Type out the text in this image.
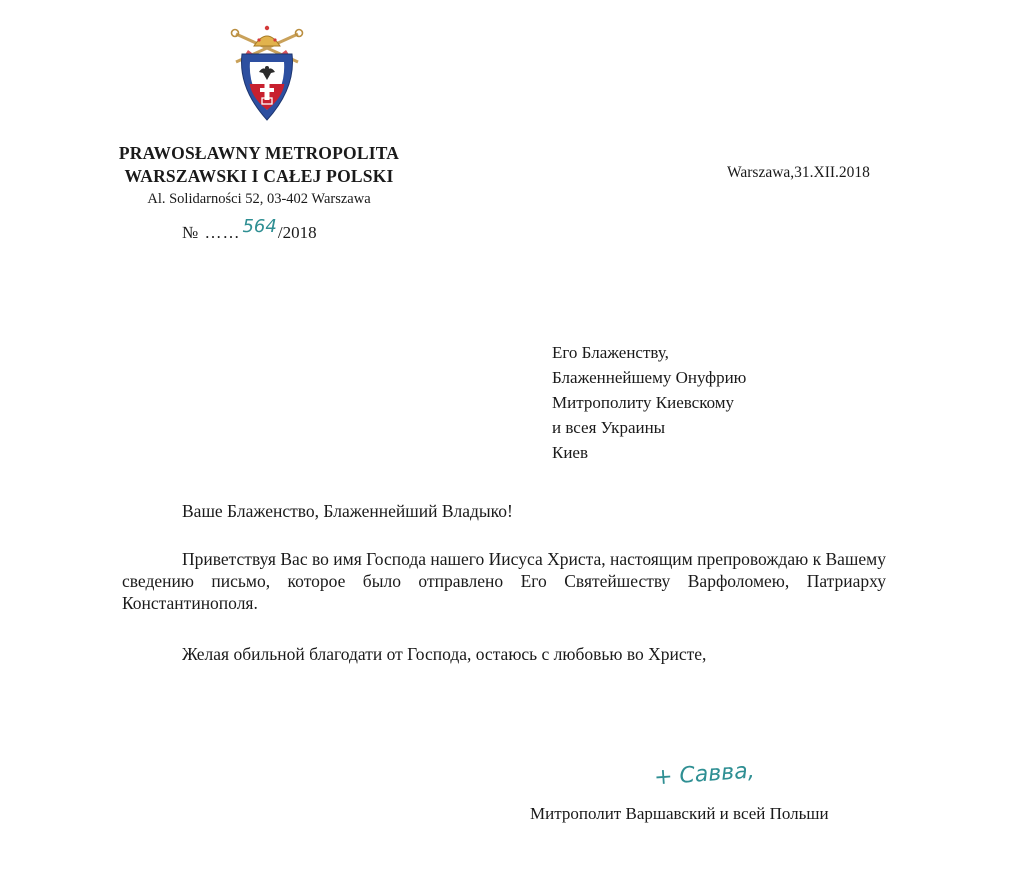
PRAWOSŁAWNY METROPOLITA
WARSZAWSKI I CAŁEJ POLSKI
Al. Solidarności 52, 03-402 Warszawa
№ …… 564 /2018
Warszawa,31.XII.2018
Его Блаженству,
Блаженнейшему Онуфрию
Митрополиту Киевскому
и всея Украины
Киев
Ваше Блаженство, Блаженнейший Владыко!
Приветствуя Вас во имя Господа нашего Иисуса Христа, настоящим препровождаю к Вашему сведению письмо, которое было отправлено Его Святейшеству Варфоломею, Патриарху Константинополя.
Желая обильной благодати от Господа, остаюсь с любовью во Христе,
+ Савва,
Митрополит Варшавский и всей Польши
